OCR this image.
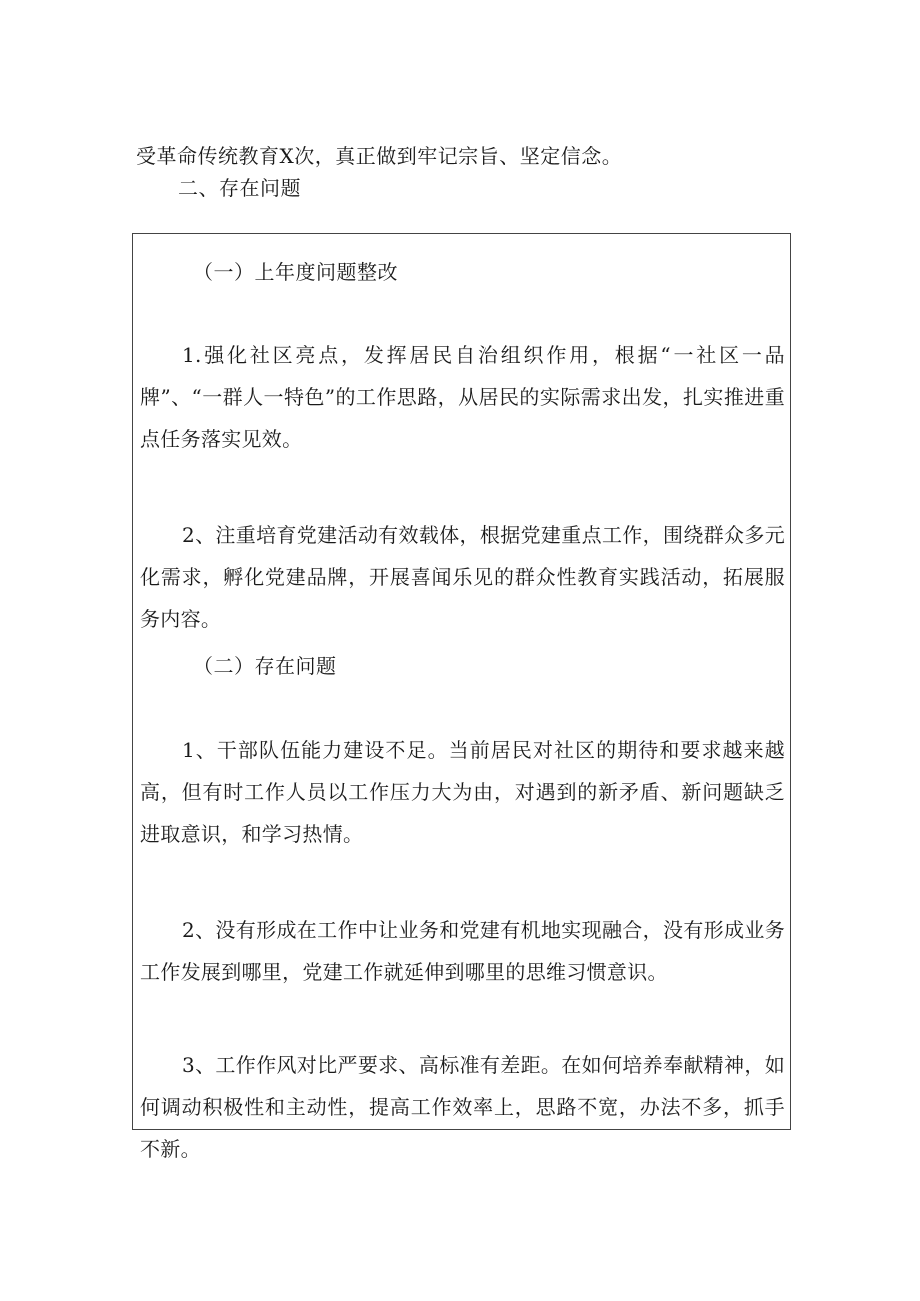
受革命传统教育X次，真正做到牢记宗旨、坚定信念。
二、存在问题
（一）上年度问题整改
1.强化社区亮点，发挥居民自治组织作用，根据“一社区一品牌”、“一群人一特色”的工作思路，从居民的实际需求出发，扎实推进重点任务落实见效。
2、注重培育党建活动有效载体，根据党建重点工作，围绕群众多元化需求，孵化党建品牌，开展喜闻乐见的群众性教育实践活动，拓展服务内容。
（二）存在问题
1、干部队伍能力建设不足。当前居民对社区的期待和要求越来越高，但有时工作人员以工作压力大为由，对遇到的新矛盾、新问题缺乏进取意识，和学习热情。
2、没有形成在工作中让业务和党建有机地实现融合，没有形成业务工作发展到哪里，党建工作就延伸到哪里的思维习惯意识。
3、工作作风对比严要求、高标准有差距。在如何培养奉献精神，如何调动积极性和主动性，提高工作效率上，思路不宽，办法不多，抓手不新。
